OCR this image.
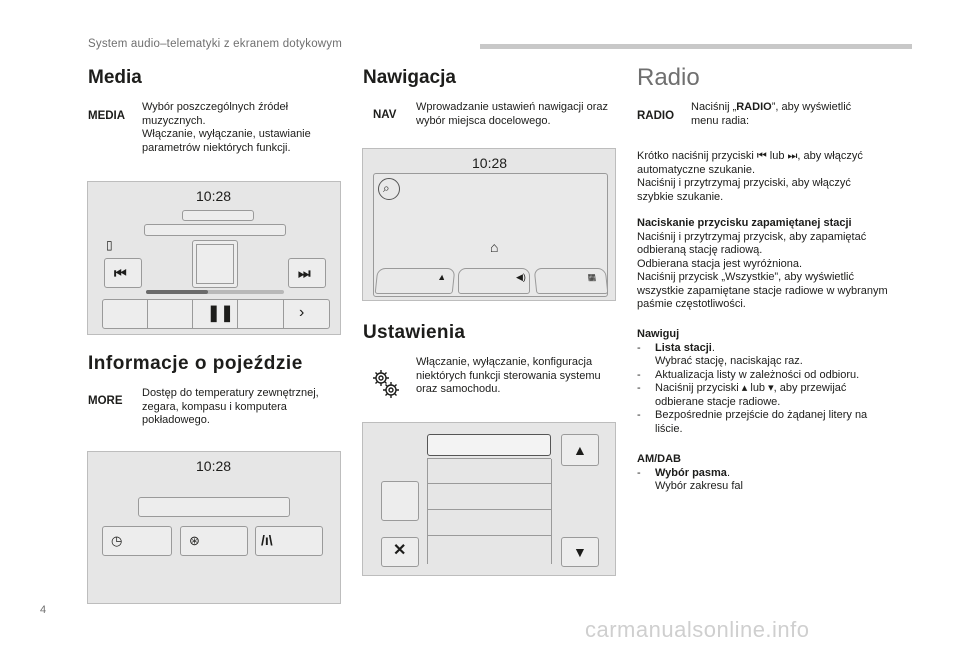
System audio–telematyki z ekranem dotykowym
Media
MEDIA
Wybór poszczególnych źródeł
muzycznych.
Włączanie, wyłączanie, ustawianie
parametrów niektórych funkcji.
10:28
▯
⏮	⏭
❚❚	›
Informacje o pojeździe
MORE
Dostęp do temperatury zewnętrznej,
zegara, kompasu i komputera
pokładowego.
10:28
◷	⊛	/ı\
Nawigacja
NAV
Wprowadzanie ustawień nawigacji oraz
wybór miejsca docelowego.
10:28
⌕
⌂
▲	◀)	▦
Ustawienia
Włączanie, wyłączanie, konfiguracja
niektórych funkcji sterowania systemu
oraz samochodu.
✕
▲
▼
Radio
RADIO
Naciśnij „RADIO”, aby wyświetlić
menu radia:
Krótko naciśnij przyciski ⏮ lub ⏭, aby włączyć
automatyczne szukanie.
Naciśnij i przytrzymaj przyciski, aby włączyć
szybkie szukanie.
Naciskanie przycisku zapamiętanej stacji
Naciśnij i przytrzymaj przycisk, aby zapamiętać
odbieraną stację radiową.
Odbierana stacja jest wyróżniona.
Naciśnij przycisk „Wszystkie”, aby wyświetlić
wszystkie zapamiętane stacje radiowe w wybranym
paśmie częstotliwości.
Nawiguj
-	Lista stacji.
Wybrać stację, naciskając raz.
-	Aktualizacja listy w zależności od odbioru.
-	Naciśnij przyciski ▴ lub ▾, aby przewijać
odbierane stacje radiowe.
-	Bezpośrednie przejście do żądanej litery na
liście.
AM/DAB
-	Wybór pasma.
Wybór zakresu fal
4
carmanualsonline.info
